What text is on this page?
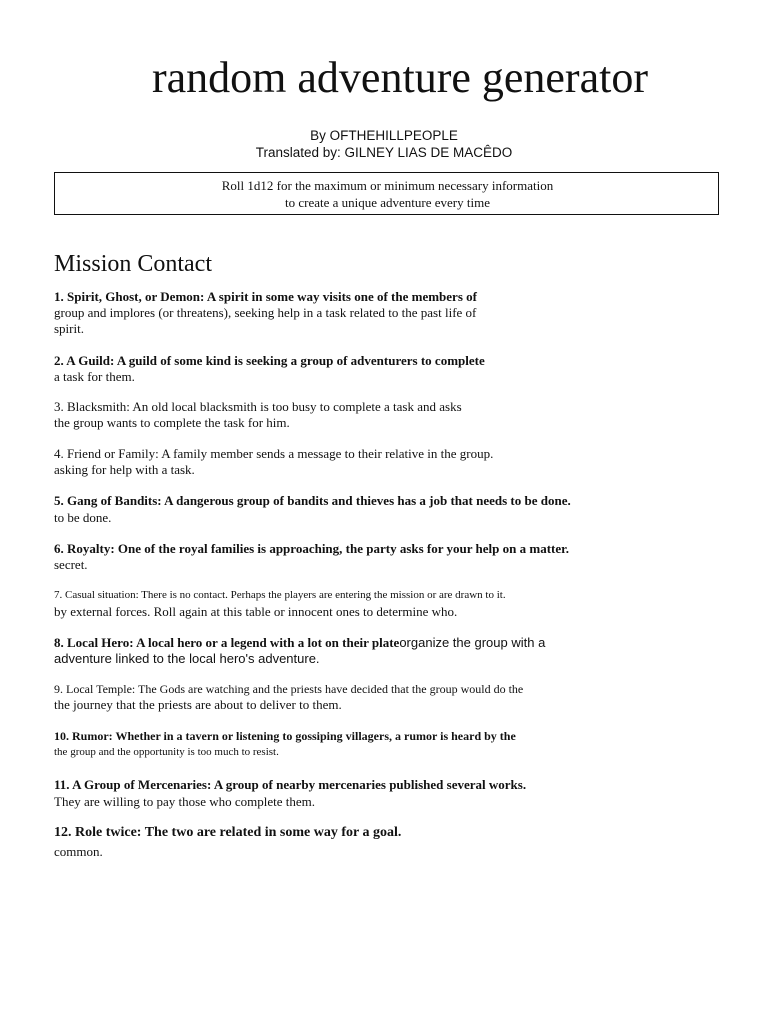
random adventure generator
By OFTHEHILLPEOPLE
Translated by: GILNEY LIAS DE MACÊDO
Roll 1d12 for the maximum or minimum necessary information
to create a unique adventure every time
Mission Contact
1. Spirit, Ghost, or Demon: A spirit in some way visits one of the members of
group and implores (or threatens), seeking help in a task related to the past life of
spirit.
2. A Guild: A guild of some kind is seeking a group of adventurers to complete
a task for them.
3. Blacksmith: An old local blacksmith is too busy to complete a task and asks
the group wants to complete the task for him.
4. Friend or Family: A family member sends a message to their relative in the group.
asking for help with a task.
5. Gang of Bandits: A dangerous group of bandits and thieves has a job that needs to be done.
to be done.
6. Royalty: One of the royal families is approaching, the party asks for your help on a matter.
secret.
7. Casual situation: There is no contact. Perhaps the players are entering the mission or are drawn to it.
by external forces. Roll again at this table or innocent ones to determine who.
8. Local Hero: A local hero or a legend with a lot on their plateorganize the group with a
adventure linked to the local hero's adventure.
9. Local Temple: The Gods are watching and the priests have decided that the group would do the
the journey that the priests are about to deliver to them.
10. Rumor: Whether in a tavern or listening to gossiping villagers, a rumor is heard by the
the group and the opportunity is too much to resist.
11. A Group of Mercenaries: A group of nearby mercenaries published several works.
They are willing to pay those who complete them.
12. Role twice: The two are related in some way for a goal.
common.
